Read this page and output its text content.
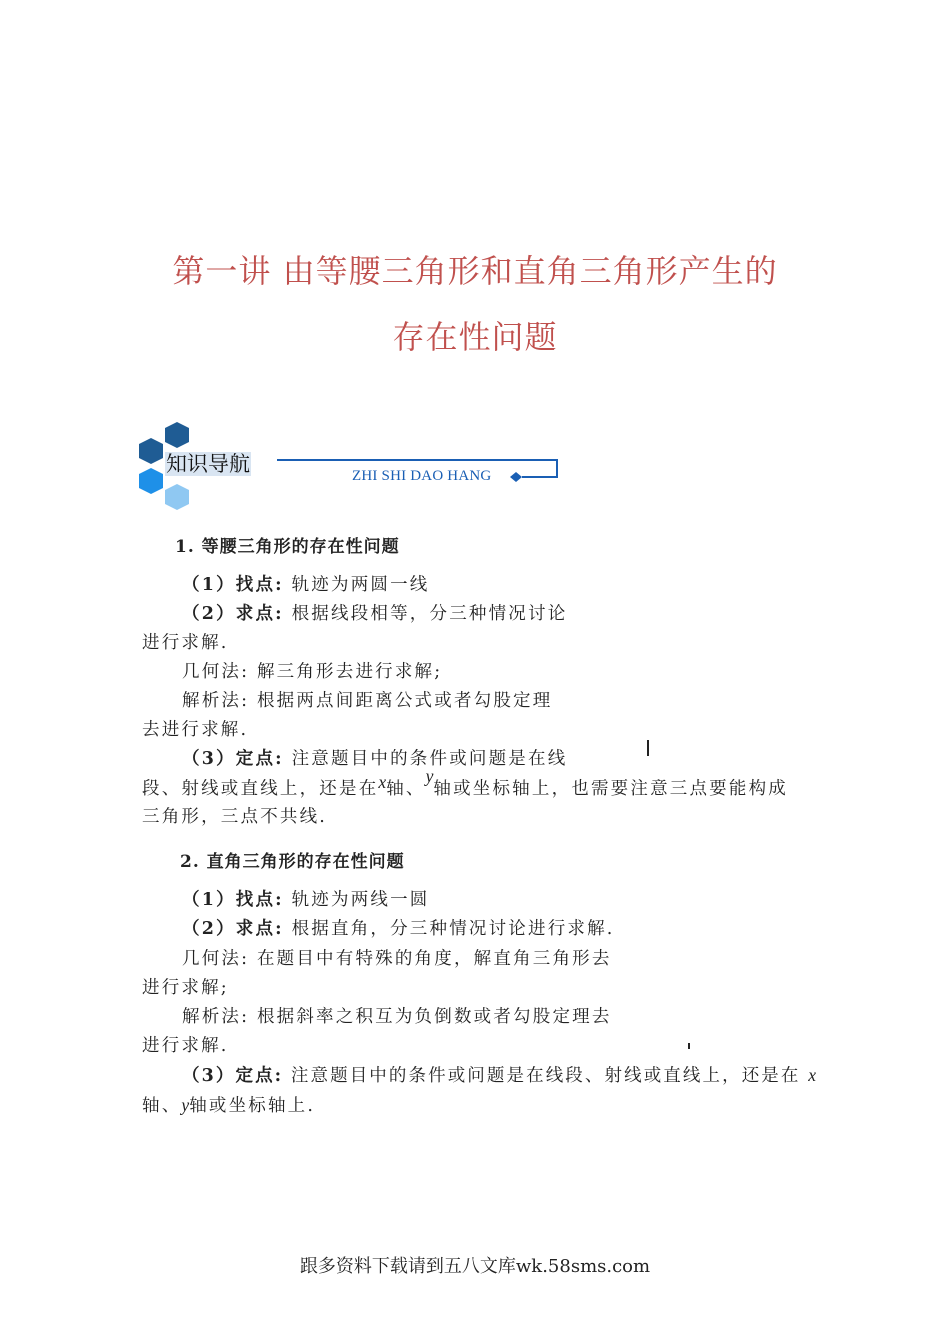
第一讲 由等腰三角形和直角三角形产生的
存在性问题
知识导航	ZHI SHI DAO HANG
1. 等腰三角形的存在性问题
（1）找点: 轨迹为两圆一线
（2）求点: 根据线段相等，分三种情况讨论
进行求解.
几何法: 解三角形去进行求解;
解析法: 根据两点间距离公式或者勾股定理
去进行求解.
（3）定点: 注意题目中的条件或问题是在线
段、射线或直线上，还是在x轴、y轴或坐标轴上，也需要注意三点要能构成
三角形，三点不共线.
2. 直角三角形的存在性问题
（1）找点: 轨迹为两线一圆
（2）求点: 根据直角，分三种情况讨论进行求解.
几何法: 在题目中有特殊的角度，解直角三角形去
进行求解;
解析法: 根据斜率之积互为负倒数或者勾股定理去
进行求解.
（3）定点: 注意题目中的条件或问题是在线段、射线或直线上，还是在 x
轴、y轴或坐标轴上.
跟多资料下载请到五八文库wk.58sms.com
